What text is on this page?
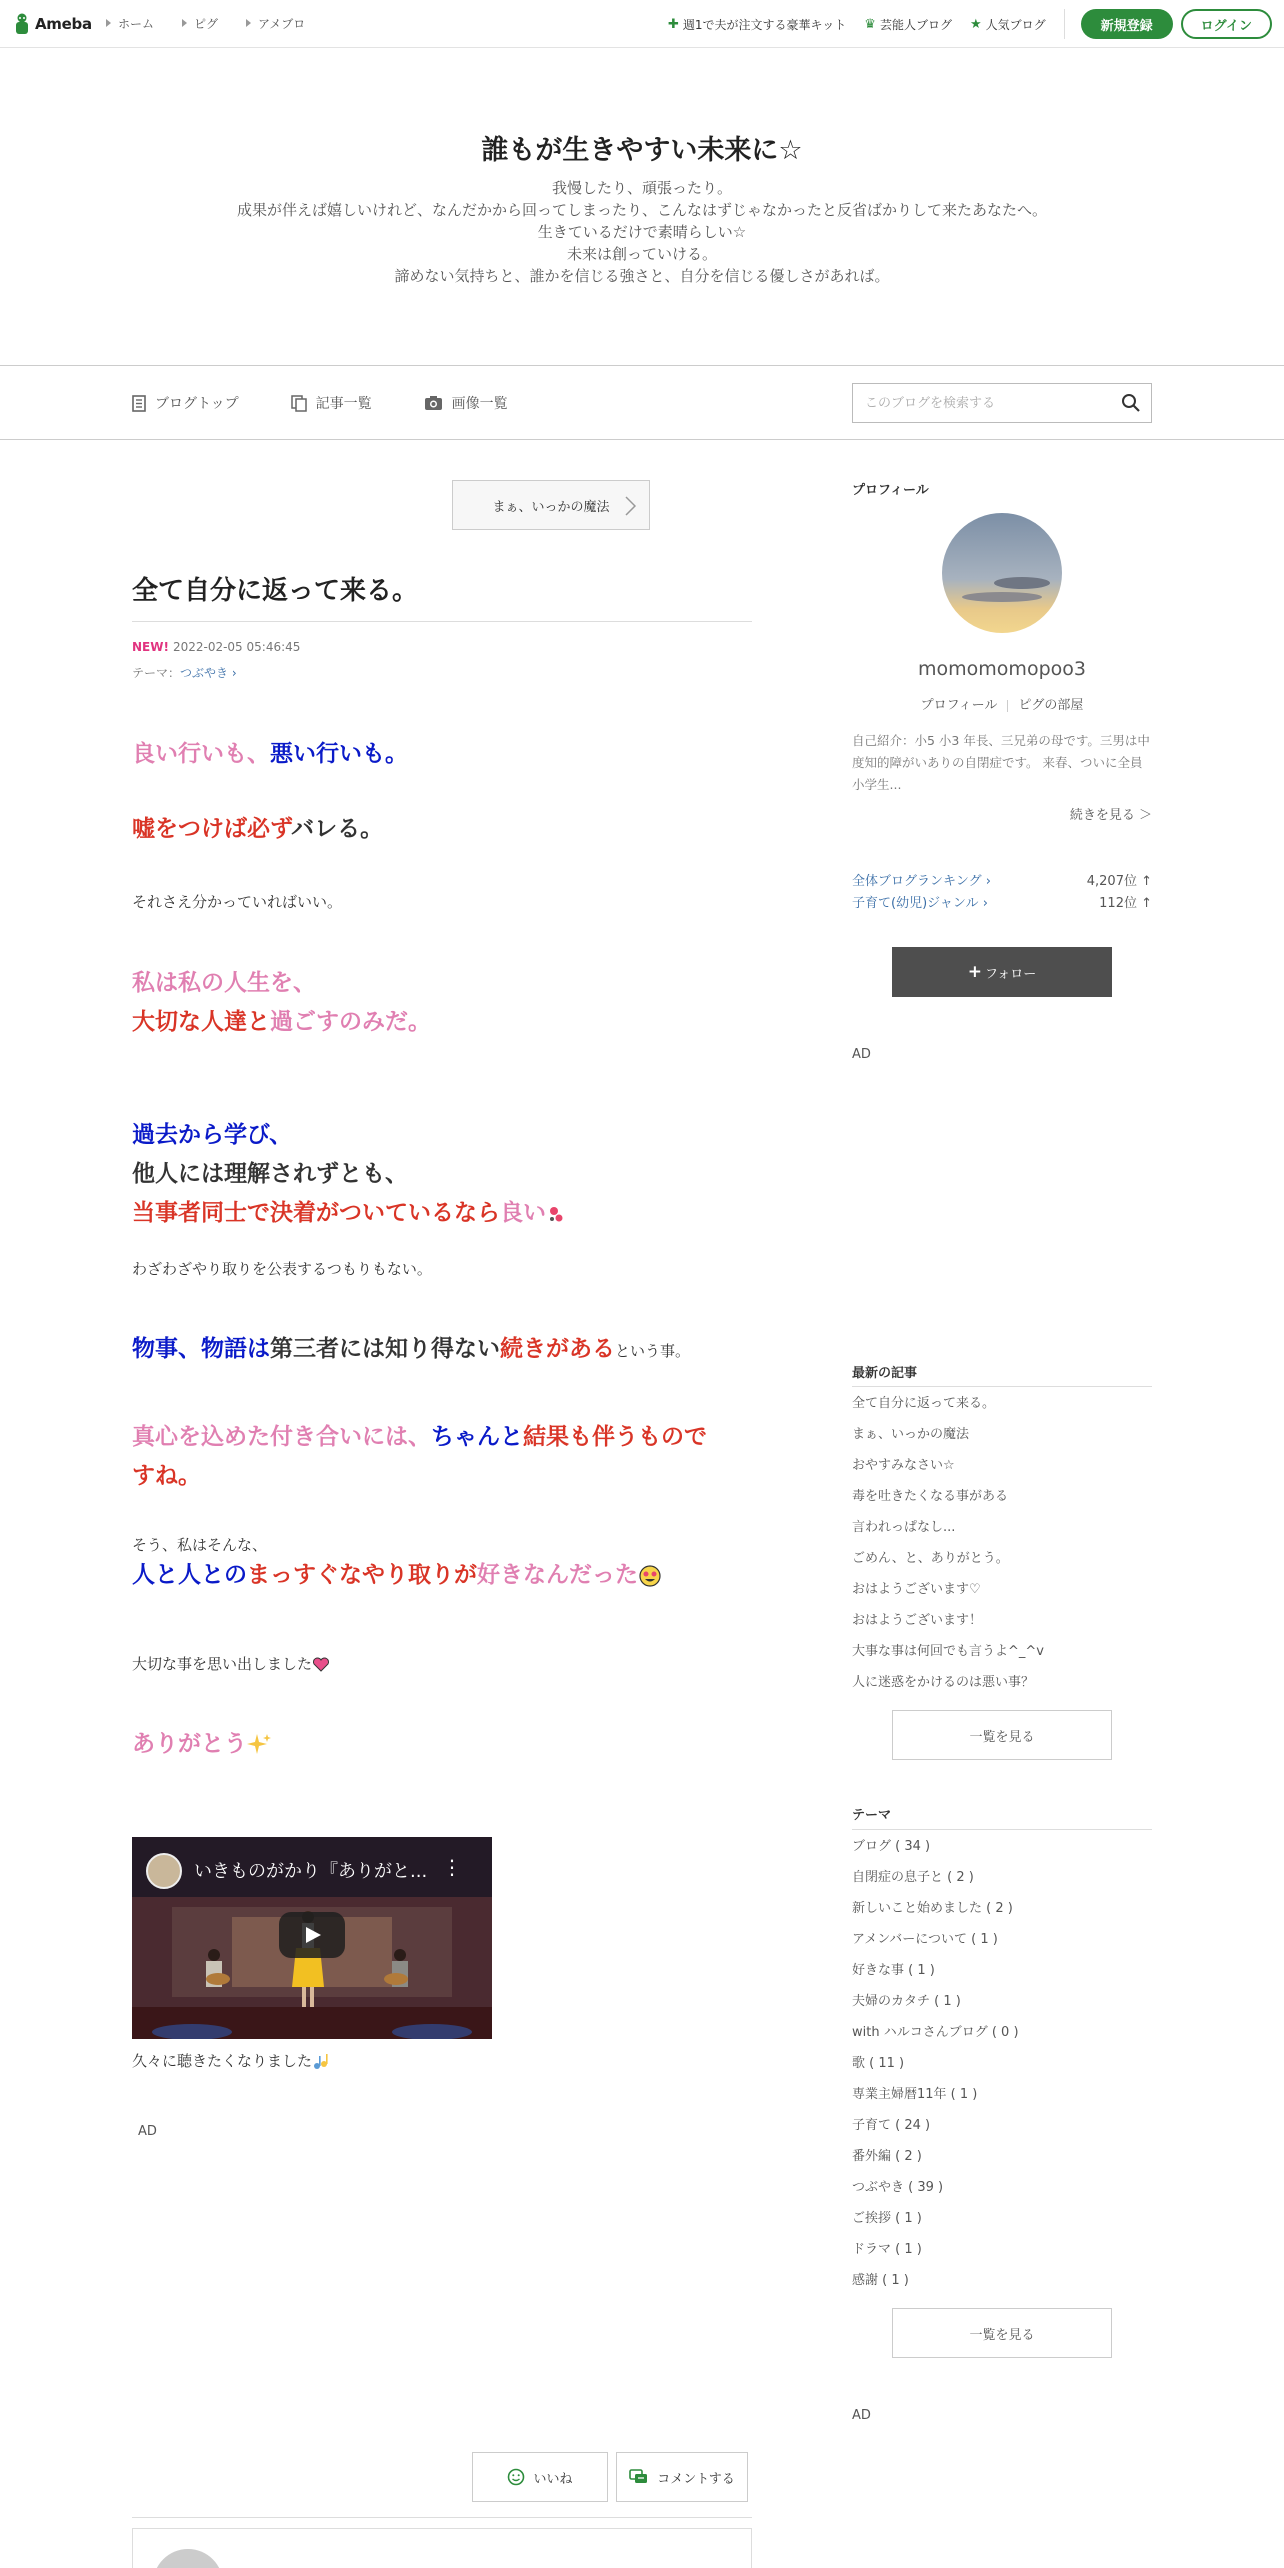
Ameba	ホーム	ピグ	アメブロ	✚ 週1で夫が注文する豪華キット ♛ 芸能人ブログ ★ 人気ブログ	新規登録	ログイン
誰もが生きやすい未来に☆
我慢したり、頑張ったり。
成果が伴えば嬉しいけれど、なんだかから回ってしまったり、こんなはずじゃなかったと反省ばかりして来たあなたへ。
生きているだけで素晴らしい☆
未来は創っていける。
諦めない気持ちと、誰かを信じる強さと、自分を信じる優しさがあれば。
ブログトップ	記事一覧	画像一覧
このブログを検索する
まぁ、いっかの魔法
全て自分に返って来る。
NEW! 2022-02-05 05:46:45
テーマ：つぶやき ›
良い行いも、悪い行いも。
嘘をつけば必ずバレる。
それさえ分かっていればいい。
私は私の人生を、
大切な人達と過ごすのみだ。
過去から学び、
他人には理解されずとも、
当事者同士で決着がついているなら良い
わざわざやり取りを公表するつもりもない。
物事、物語は第三者には知り得ない続きがあるという事。
真心を込めた付き合いには、ちゃんと結果も伴うもので
すね。
そう、私はそんな、
人と人とのまっすぐなやり取りが好きなんだった
大切な事を思い出しました
ありがとう
いきものがかり『ありがと... ⋮
久々に聴きたくなりました
AD
いいね	コメントする
プロフィール
momomomopoo3
プロフィール ピグの部屋
自己紹介：小5 小3 年長、三兄弟の母です。三男は中度知的障がいありの自閉症です。 来春、ついに全員小学生...
続きを見る ＞
全体ブログランキング ›	4,207位 ↑
子育て(幼児)ジャンル ›	112位 ↑
+ フォロー
AD
最新の記事
全て自分に返って来る。
まぁ、いっかの魔法
おやすみなさい☆
毒を吐きたくなる事がある
言われっぱなし...
ごめん、と、ありがとう。
おはようございます♡
おはようございます！
大事な事は何回でも言うよ^_^v
人に迷惑をかけるのは悪い事？
一覧を見る
テーマ
ブログ ( 34 )
自閉症の息子と ( 2 )
新しいこと始めました ( 2 )
アメンバーについて ( 1 )
好きな事 ( 1 )
夫婦のカタチ ( 1 )
with ハルコさんブログ ( 0 )
歌 ( 11 )
専業主婦暦11年 ( 1 )
子育て ( 24 )
番外編 ( 2 )
つぶやき ( 39 )
ご挨拶 ( 1 )
ドラマ ( 1 )
感謝 ( 1 )
一覧を見る
AD
